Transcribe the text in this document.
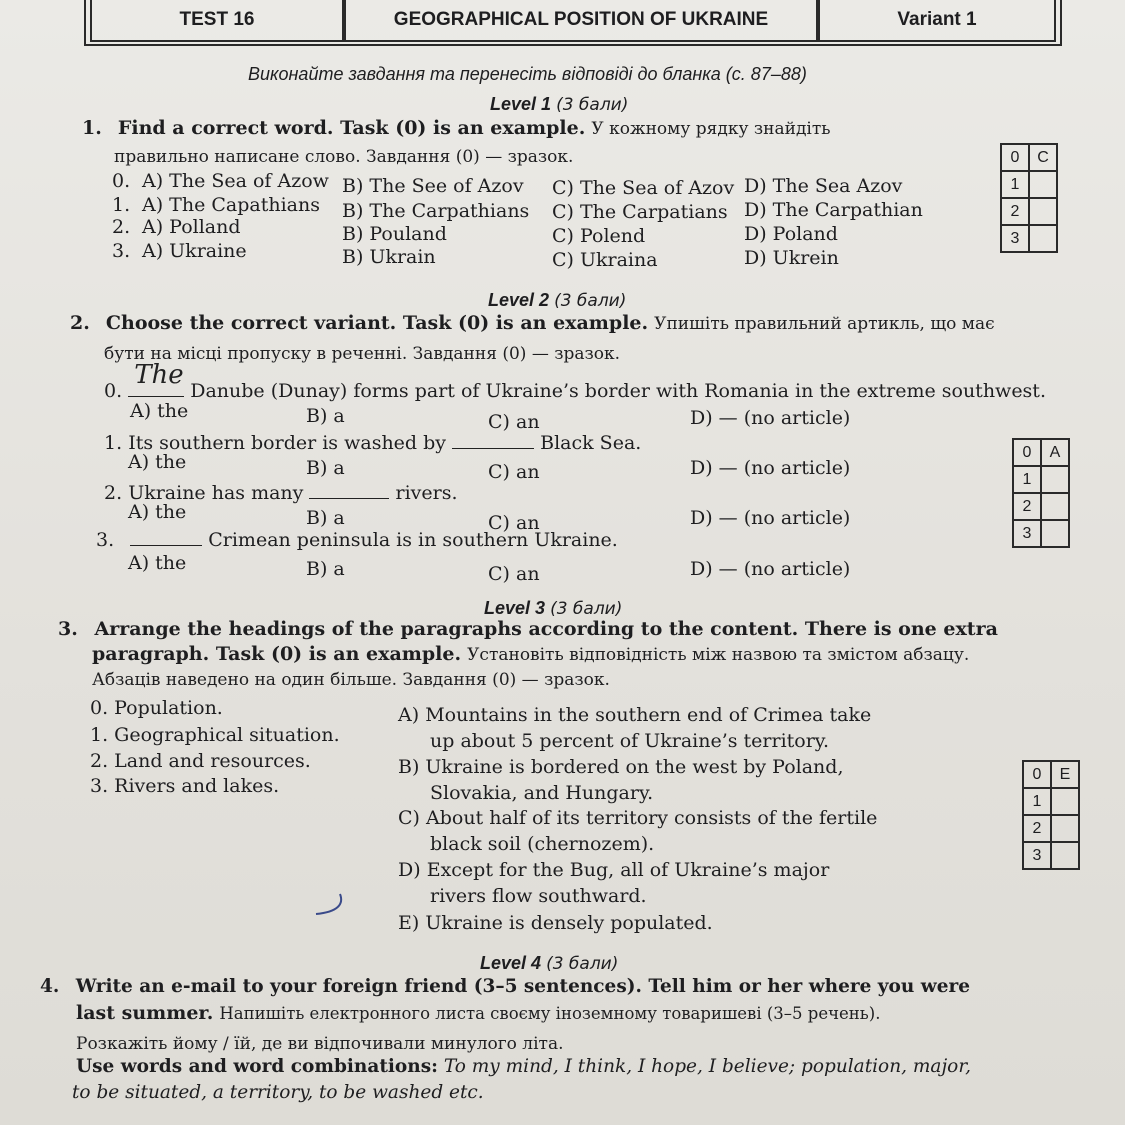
TEST 16	GEOGRAPHICAL POSITION OF UKRAINE	Variant 1
Виконайте завдання та перенесіть відповіді до бланка (с. 87–88)
Level 1 (3 бали)
1. Find a correct word. Task (0) is an example. У кожному рядку знайдіть
правильно написане слово. Завдання (0) — зразок.
0. A) The Sea of Azow B) The See of Azov C) The Sea of Azov D) The Sea Azov
1. A) The Capathians B) The Carpathians C) The Carpatians D) The Carpathian
2. A) Polland	B) Pouland	C) Polend	D) Poland
3. A) Ukraine	B) Ukrain	C) Ukraina	D) Ukrein
0	C
1	
2	
3	
Level 2 (3 бали)
2. Choose the correct variant. Task (0) is an example. Упишіть правильний артикль, що має
бути на місці пропуску в реченні. Завдання (0) — зразок.
0.
The
Danube (Dunay) forms part of Ukraine’s border with Romania in the extreme southwest.
A) the	B) a	C) an	D) — (no article)
1. Its southern border is washed by	Black Sea.
A) the	B) a	C) an	D) — (no article)
2. Ukraine has many	rivers.
A) the	B) a	C) an	D) — (no article)
3.	Crimean peninsula is in southern Ukraine.
A) the	B) a	C) an	D) — (no article)
0	A
1	
2	
3	
Level 3 (3 бали)
3. Arrange the headings of the paragraphs according to the content. There is one extra
paragraph. Task (0) is an example. Установіть відповідність між назвою та змістом абзацу.
Абзаців наведено на один більше. Завдання (0) — зразок.
0. Population.
1. Geographical situation.
2. Land and resources.
3. Rivers and lakes.
A) Mountains in the southern end of Crimea take
up about 5 percent of Ukraine’s territory.
B) Ukraine is bordered on the west by Poland,
Slovakia, and Hungary.
C) About half of its territory consists of the fertile
black soil (chernozem).
D) Except for the Bug, all of Ukraine’s major
rivers flow southward.
E) Ukraine is densely populated.
0	E
1	
2	
3	
Level 4 (3 бали)
4. Write an e-mail to your foreign friend (3–5 sentences). Tell him or her where you were
last summer. Напишіть електронного листа своєму іноземному товаришеві (3–5 речень).
Розкажіть йому / їй, де ви відпочивали минулого літа.
Use words and word combinations: To my mind, I think, I hope, I believe; population, major,
to be situated, a territory, to be washed etc.
